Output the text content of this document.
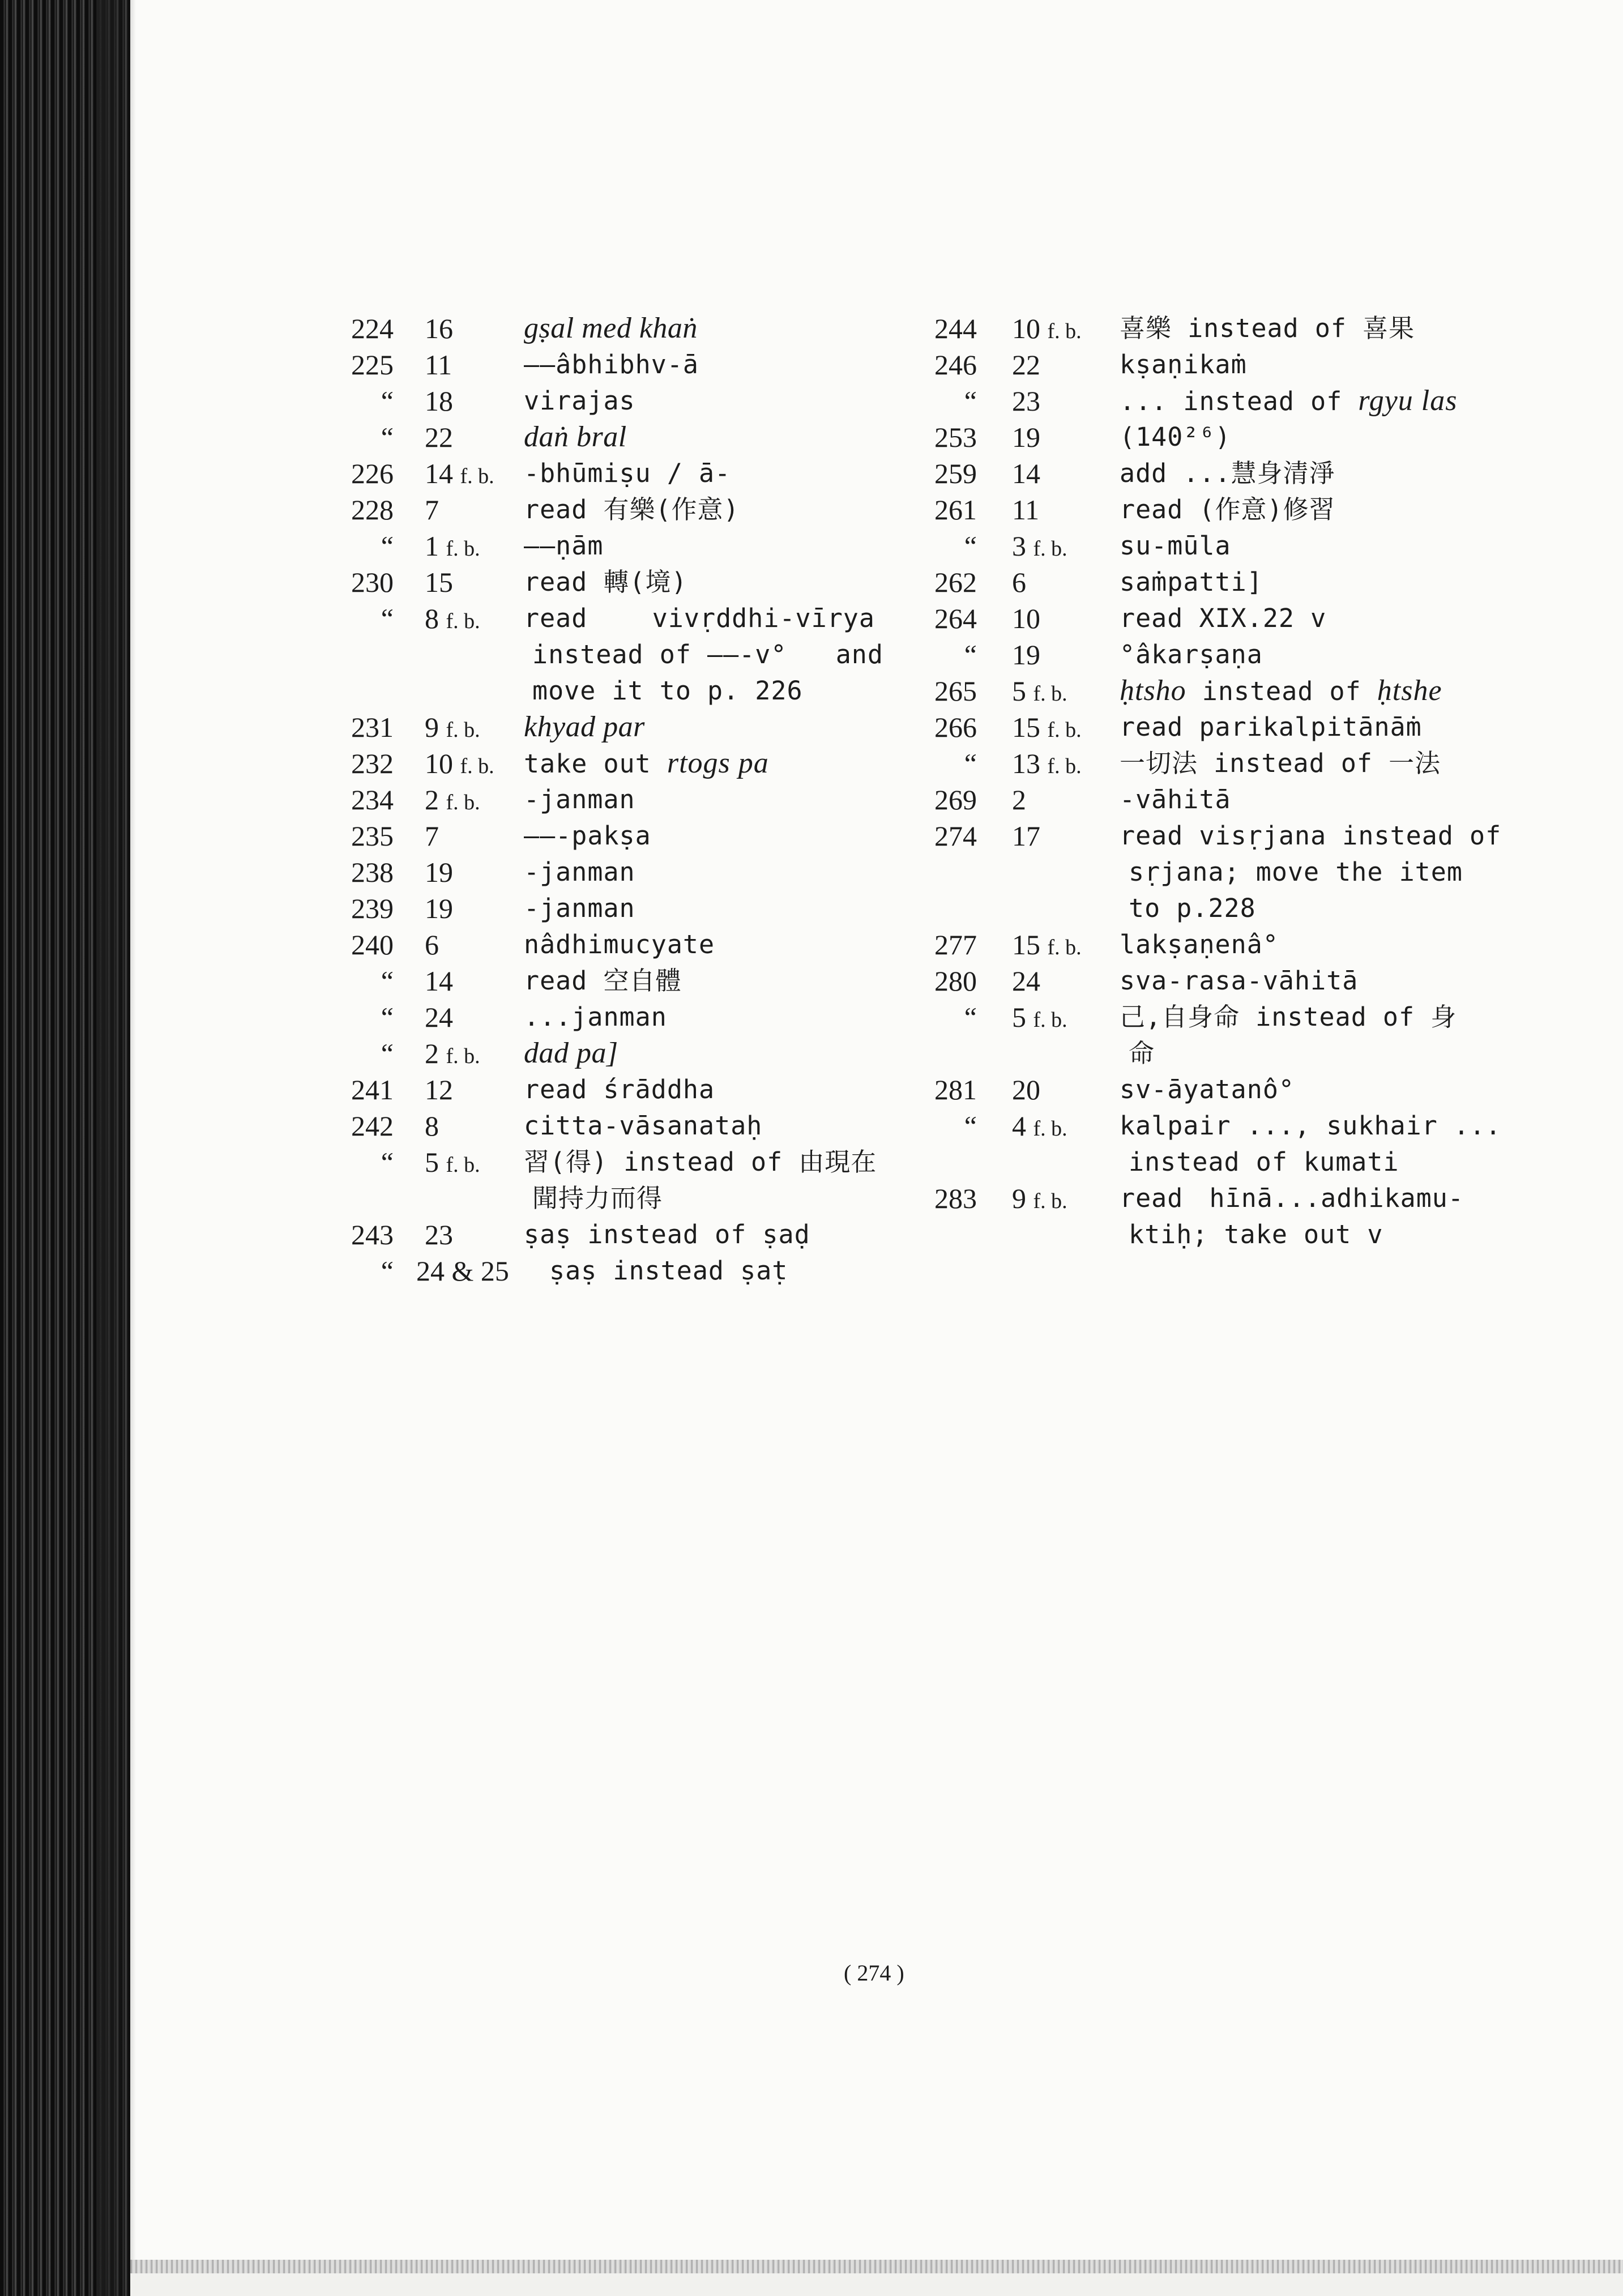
224 16	gṣal med khaṅ
225 11	——âbhibhv-ā
“ 18	virajas
“ 22	daṅ bral
226 14 f. b.	-bhūmiṣu / ā-
228 7	read 有樂(作意)
“ 1 f. b.	——ṇām
230 15	read 轉(境)
“ 8 f. b.	read	vivṛddhi-vīrya
instead of ——-v° and
move it to p. 226
231 9 f. b.	khyad par
232 10 f. b.	take out rtogs pa
234 2 f. b.	-janman
235 7	——-pakṣa
238 19	-janman
239 19	-janman
240 6	nâdhimucyate
“ 14	read 空自體
“ 24	...janman
“ 2 f. b.	dad pa]
241 12	read śrāddha
242 8	citta-vāsanataḥ
“ 5 f. b.	習(得) instead of 由現在
聞持力而得
243 23	ṣaṣ instead of ṣaḍ
“ 24 & 25	ṣaṣ instead ṣaṭ
244 10 f. b.	喜樂 instead of 喜果
246 22	kṣaṇikaṁ
“ 23	... instead of rgyu las
253 19	(140²⁶)
259 14	add ...慧身清淨
261 11	read (作意)修習
“ 3 f. b.	su-mūla
262 6	saṁpatti]
264 10	read XIX.22 v
“ 19	°âkarṣaṇa
265 5 f. b.	ḥtsho instead of ḥtshe
266 15 f. b.	read parikalpitānāṁ
“ 13 f. b.	一切法 instead of 一法
269 2	-vāhitā
274 17	read visṛjana instead of
sṛjana; move the item
to p.228
277 15 f. b.	lakṣaṇenâ°
280 24	sva-rasa-vāhitā
“ 5 f. b.	己,自身命 instead of 身
命
281 20	sv-āyatanô°
“ 4 f. b.	kalpair ..., sukhair ...
instead of kumati
283 9 f. b.	read hīnā...adhikamu-
ktiḥ; take out v
( 274 )
